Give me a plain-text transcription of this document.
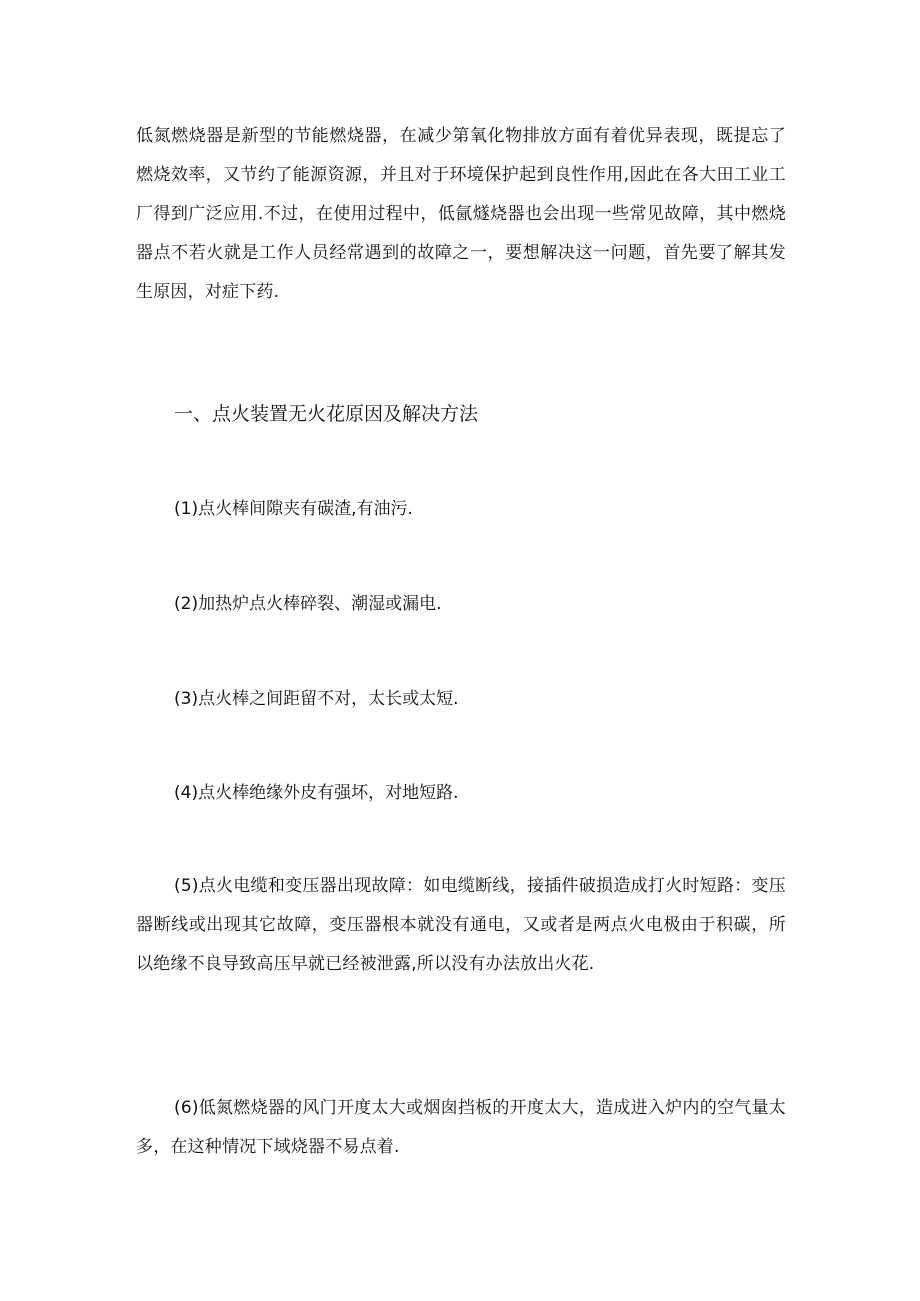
低氮燃烧器是新型的节能燃烧器，在减少第氧化物排放方面有着优异表现，既提忘了燃烧效率，又节约了能源资源，并且对于环境保护起到良性作用,因此在各大田工业工厂得到广泛应用.不过，在使用过程中，低氤燧烧器也会出现一些常见故障，其中燃烧器点不若火就是工作人员经常遇到的故障之一，要想解决这一问题，首先要了解其发生原因，对症下药.

一、点火装置无火花原因及解决方法

(1)点火棒间隙夹有碳渣,有油污.

(2)加热炉点火棒碎裂、潮湿或漏电.

(3)点火棒之间距留不对，太长或太短.

(4)点火棒绝缘外皮有强坏，对地短路.

(5)点火电缆和变压器出现故障：如电缆断线，接插件破损造成打火时短路：变压器断线或出现其它故障，变压器根本就没有通电，又或者是两点火电极由于积碳，所以绝缘不良导致高压早就已经被泄露,所以没有办法放出火花.

(6)低氮燃烧器的风门开度太大或烟囱挡板的开度太大，造成进入炉内的空气量太多，在这种情况下域烧器不易点着.
